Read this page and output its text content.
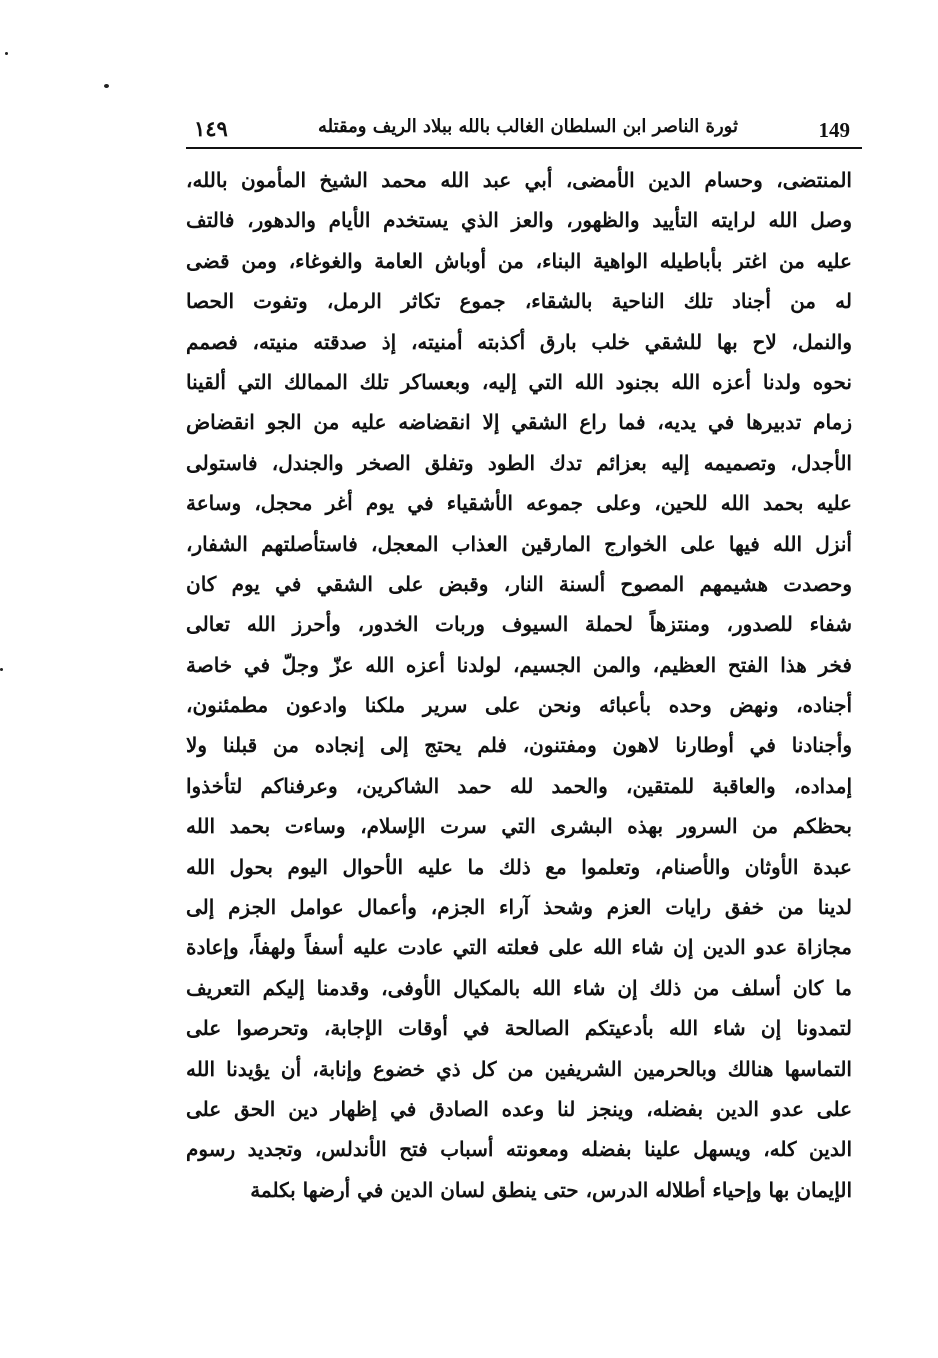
149
ثورة الناصر ابن السلطان الغالب بالله ببلاد الريف ومقتله
١٤٩
المنتضى، وحسام الدين الأمضى، أبي عبد الله محمد الشيخ المأمون بالله،
وصل الله لرايته التأييد والظهور، والعز الذي يستخدم الأيام والدهور، فالتف
عليه من اغتر بأباطيله الواهية البناء، من أوباش العامة والغوغاء، ومن قضى
له من أجناد تلك الناحية بالشقاء، جموع تكاثر الرمل، وتفوت الحصا
والنمل، لاح بها للشقي خلب بارق أكذبته أمنيته، إذ صدقته منيته، فصمم
نحوه ولدنا أعزه الله بجنود الله التي إليه، وبعساكر تلك الممالك التي ألقينا
زمام تدبيرها في يديه، فما راع الشقي إلا انقضاضه عليه من الجو انقضاض
الأجدل، وتصميمه إليه بعزائم تدك الطود وتفلق الصخر والجندل، فاستولى
عليه بحمد الله للحين، وعلى جموعه الأشقياء في يوم أغر محجل، وساعة
أنزل الله فيها على الخوارج المارقين العذاب المعجل، فاستأصلتهم الشفار،
وحصدت هشيمهم المصوح ألسنة النار، وقبض على الشقي في يوم كان
شفاء للصدور، ومنتزهاً لحملة السيوف وربات الخدور، وأحرز الله تعالى
فخر هذا الفتح العظيم، والمن الجسيم، لولدنا أعزه الله عزّ وجلّ في خاصة
أجناده، ونهض وحده بأعبائه ونحن على سرير ملكنا وادعون مطمئنون،
وأجنادنا في أوطارنا لاهون ومفتنون، فلم يحتج إلى إنجاده من قبلنا ولا
إمداده، والعاقبة للمتقين، والحمد لله حمد الشاكرين، وعرفناكم لتأخذوا
بحظكم من السرور بهذه البشرى التي سرت الإسلام، وساءت بحمد الله
عبدة الأوثان والأصنام، وتعلموا مع ذلك ما عليه الأحوال اليوم بحول الله
لدينا من خفق رايات العزم وشحذ آراء الجزم، وأعمال عوامل الجزم إلى
مجازاة عدو الدين إن شاء الله على فعلته التي عادت عليه أسفاً ولهفاً، وإعادة
ما كان أسلف من ذلك إن شاء الله بالمكيال الأوفى، وقدمنا إليكم التعريف
لتمدونا إن شاء الله بأدعيتكم الصالحة في أوقات الإجابة، وتحرصوا على
التماسها هنالك وبالحرمين الشريفين من كل ذي خضوع وإنابة، أن يؤيدنا الله
على عدو الدين بفضله، وينجز لنا وعده الصادق في إظهار دين الحق على
الدين كله، ويسهل علينا بفضله ومعونته أسباب فتح الأندلس، وتجديد رسوم
الإيمان بها وإحياء أطلاله الدرس، حتى ينطق لسان الدين في أرضها بكلمة
